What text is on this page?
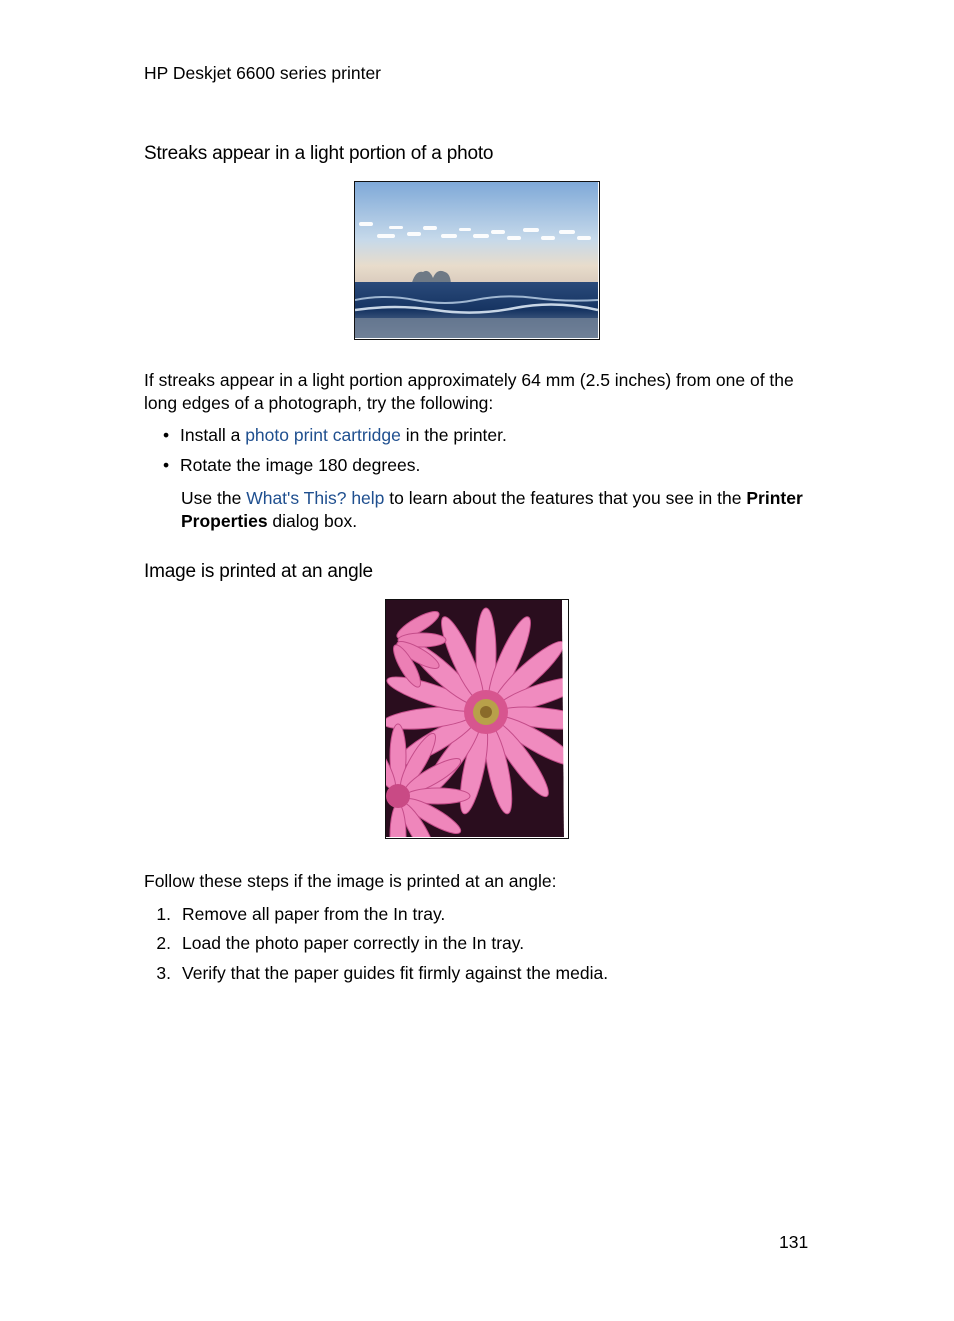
HP Deskjet 6600 series printer
Streaks appear in a light portion of a photo
If streaks appear in a light portion approximately 64 mm (2.5 inches) from one of the long edges of a photograph, try the following:
• Install a photo print cartridge in the printer.
• Rotate the image 180 degrees.
Use the What's This? help to learn about the features that you see in the Printer Properties dialog box.
Image is printed at an angle
Follow these steps if the image is printed at an angle:
1. Remove all paper from the In tray.
2. Load the photo paper correctly in the In tray.
3. Verify that the paper guides fit firmly against the media.
131
